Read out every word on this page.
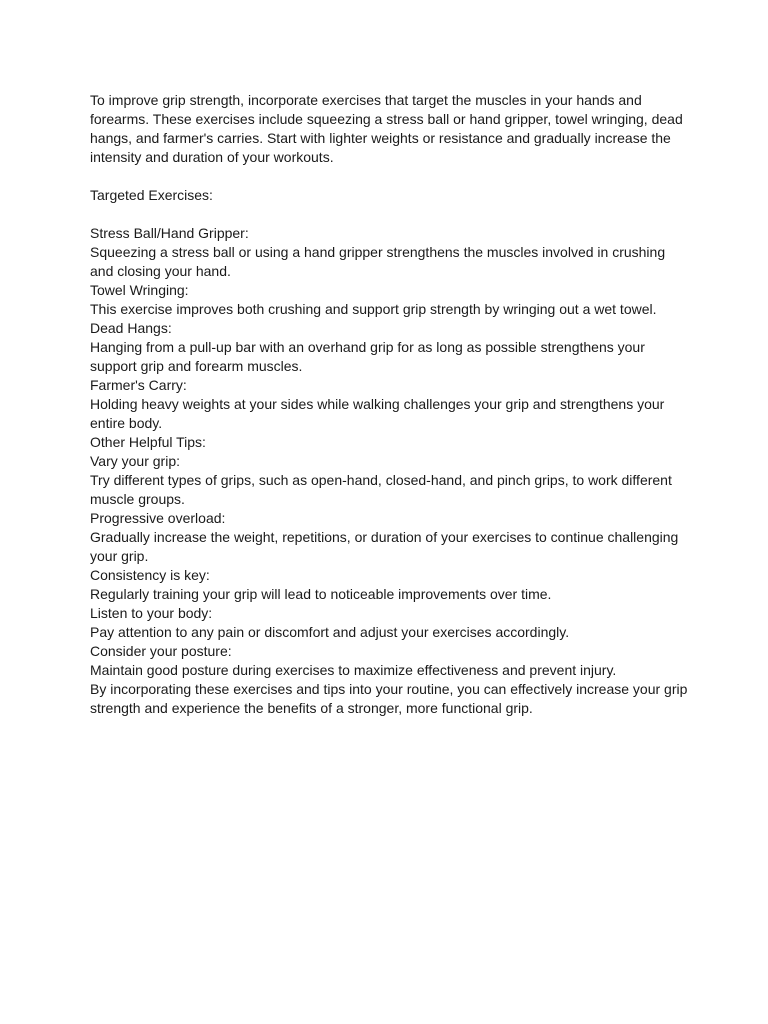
To improve grip strength, incorporate exercises that target the muscles in your hands and forearms. These exercises include squeezing a stress ball or hand gripper, towel wringing, dead hangs, and farmer's carries. Start with lighter weights or resistance and gradually increase the intensity and duration of your workouts.

Targeted Exercises:

Stress Ball/Hand Gripper:

Squeezing a stress ball or using a hand gripper strengthens the muscles involved in crushing and closing your hand.

Towel Wringing:

This exercise improves both crushing and support grip strength by wringing out a wet towel.

Dead Hangs:

Hanging from a pull-up bar with an overhand grip for as long as possible strengthens your support grip and forearm muscles.

Farmer's Carry:

Holding heavy weights at your sides while walking challenges your grip and strengthens your entire body.

Other Helpful Tips:

Vary your grip:

Try different types of grips, such as open-hand, closed-hand, and pinch grips, to work different muscle groups.

Progressive overload:

Gradually increase the weight, repetitions, or duration of your exercises to continue challenging your grip.

Consistency is key:

Regularly training your grip will lead to noticeable improvements over time.

Listen to your body:

Pay attention to any pain or discomfort and adjust your exercises accordingly.

Consider your posture:

Maintain good posture during exercises to maximize effectiveness and prevent injury.

By incorporating these exercises and tips into your routine, you can effectively increase your grip strength and experience the benefits of a stronger, more functional grip.
